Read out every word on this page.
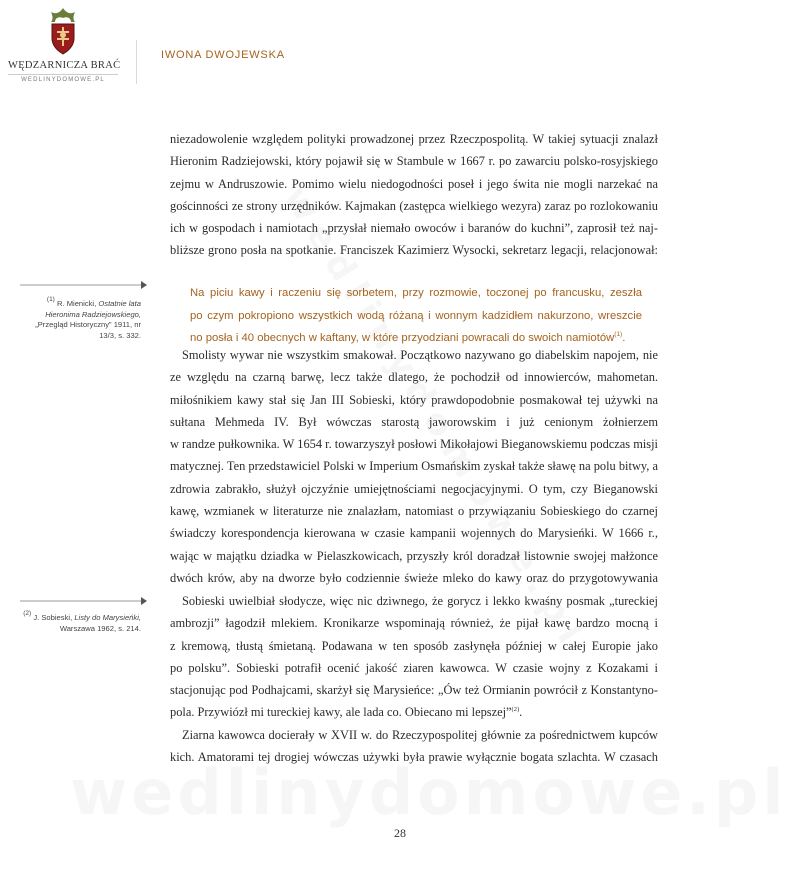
WĘDZARNICZA BRAĆ
WEDLINYDOMOWE.PL
IWONA DWOJEWSKA
niezadowolenie względem polityki prowadzonej przez Rzeczpospolitą. W takiej sytuacji znalazł
Hieronim Radziejowski, który pojawił się w Stambule w 1667 r. po zawarciu polsko-rosyjskiego
zejmu w Andruszowie. Pomimo wielu niedogodności poseł i jego świta nie mogli narzekać na
gościnności ze strony urzędników. Kajmakan (zastępca wielkiego wezyra) zaraz po rozlokowaniu
ich w gospodach i namiotach „przysłał niemało owoców i baranów do kuchni”, zaprosił też naj-
bliższe grono posła na spotkanie. Franciszek Kazimierz Wysocki, sekretarz legacji, relacjonował:
Na piciu kawy i raczeniu się sorbetem, przy rozmowie, toczonej po francusku, zeszła
po czym pokropiono wszystkich wodą różaną i wonnym kadzidłem nakurzono, wreszcie
no posła i 40 obecnych w kaftany, w które przyodziani powracali do swoich namiotów$^{(1)}$.
Smolisty wywar nie wszystkim smakował. Początkowo nazywano go diabelskim napojem, nie
ze względu na czarną barwę, lecz także dlatego, że pochodził od innowierców, mahometan.
miłośnikiem kawy stał się Jan III Sobieski, który prawdopodobnie posmakował tej używki na
sułtana Mehmeda IV. Był wówczas starostą jaworowskim i już cenionym żołnierzem
w randze pułkownika. W 1654 r. towarzyszył posłowi Mikołajowi Bieganowskiemu podczas misji
matycznej. Ten przedstawiciel Polski w Imperium Osmańskim zyskał także sławę na polu bitwy, a
zdrowia zabrakło, służył ojczyźnie umiejętnościami negocjacyjnymi. O tym, czy Bieganowski
kawę, wzmianek w literaturze nie znalazłam, natomiast o przywiązaniu Sobieskiego do czarnej
świadczy korespondencja kierowana w czasie kampanii wojennych do Marysieńki. W 1666 r.,
wając w majątku dziadka w Pielaszkowicach, przyszły król doradzał listownie swojej małżonce
dwóch krów, aby na dworze było codziennie świeże mleko do kawy oraz do przygotowywania
Sobieski uwielbiał słodycze, więc nic dziwnego, że gorycz i lekko kwaśny posmak „tureckiej
ambrozji” łagodził mlekiem. Kronikarze wspominają również, że pijał kawę bardzo mocną i
z kremową, tłustą śmietaną. Podawana w ten sposób zasłynęła później w całej Europie jako
po polsku”. Sobieski potrafił ocenić jakość ziaren kawowca. W czasie wojny z Kozakami i
stacjonując pod Podhajcami, skarżył się Marysieńce: „Ów też Ormianin powrócił z Konstantyno-
pola. Przywiózł mi tureckiej kawy, ale lada co. Obiecano mi lepszej”$^{(2)}$.
Ziarna kawowca docierały w XVII w. do Rzeczypospolitej głównie za pośrednictwem kupców
kich. Amatorami tej drogiej wówczas używki była prawie wyłącznie bogata szlachta. W czasach
$^{(1)}$ R. Mienicki, Ostatnie lata Hieronima Radziejowskiego, „Przegląd Historyczny” 1911, nr 13/3, s. 332.
$^{(2)}$ J. Sobieski, Listy do Marysieńki, Warszawa 1962, s. 214.
28
